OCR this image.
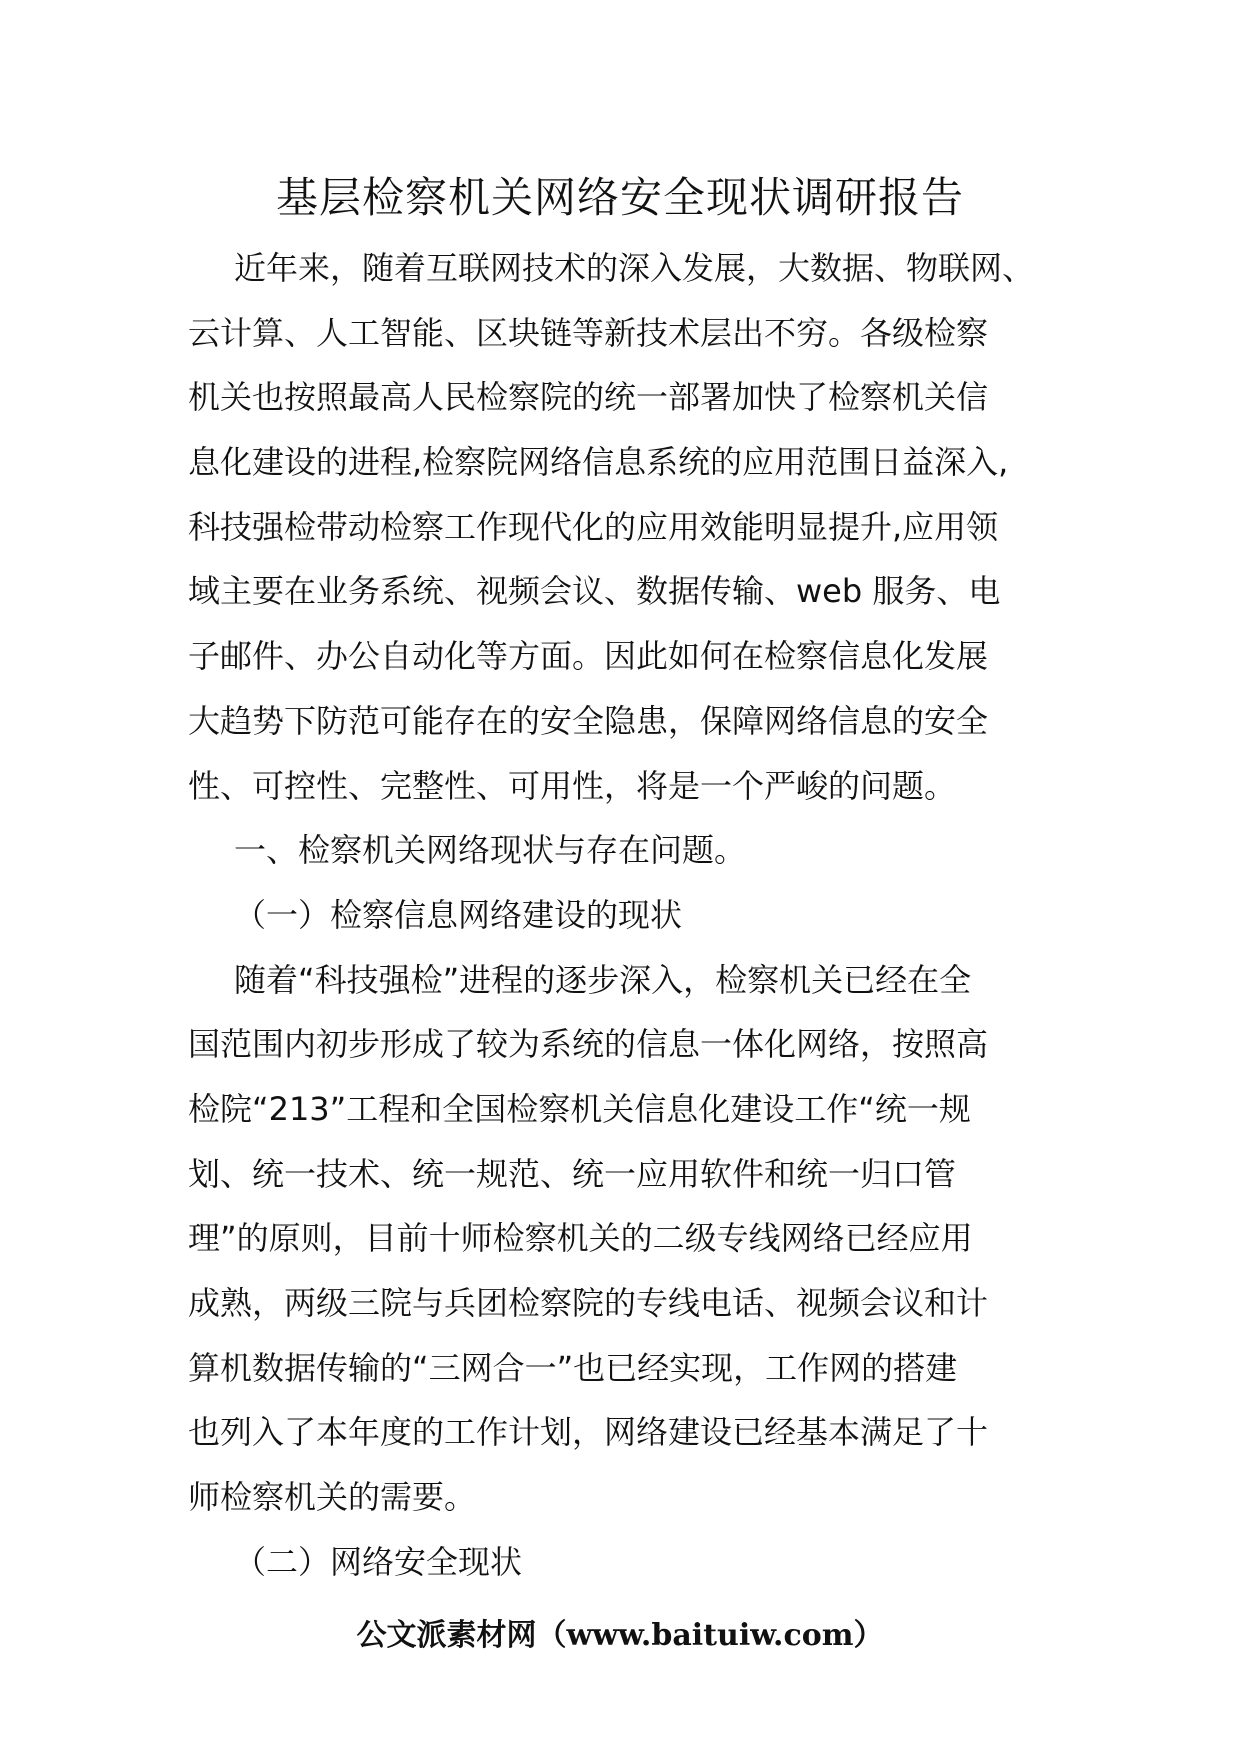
基层检察机关网络安全现状调研报告
近年来，随着互联网技术的深入发展，大数据、物联网、
云计算、人工智能、区块链等新技术层出不穷。各级检察
机关也按照最高人民检察院的统一部署加快了检察机关信
息化建设的进程,检察院网络信息系统的应用范围日益深入,
科技强检带动检察工作现代化的应用效能明显提升,应用领
域主要在业务系统、视频会议、数据传输、web 服务、电
子邮件、办公自动化等方面。因此如何在检察信息化发展
大趋势下防范可能存在的安全隐患，保障网络信息的安全
性、可控性、完整性、可用性，将是一个严峻的问题。
一、检察机关网络现状与存在问题。
（一）检察信息网络建设的现状
随着“科技强检”进程的逐步深入，检察机关已经在全
国范围内初步形成了较为系统的信息一体化网络，按照高
检院“213”工程和全国检察机关信息化建设工作“统一规
划、统一技术、统一规范、统一应用软件和统一归口管
理”的原则，目前十师检察机关的二级专线网络已经应用
成熟，两级三院与兵团检察院的专线电话、视频会议和计
算机数据传输的“三网合一”也已经实现，工作网的搭建
也列入了本年度的工作计划，网络建设已经基本满足了十
师检察机关的需要。
（二）网络安全现状
公文派素材网（www.baituiw.com）
